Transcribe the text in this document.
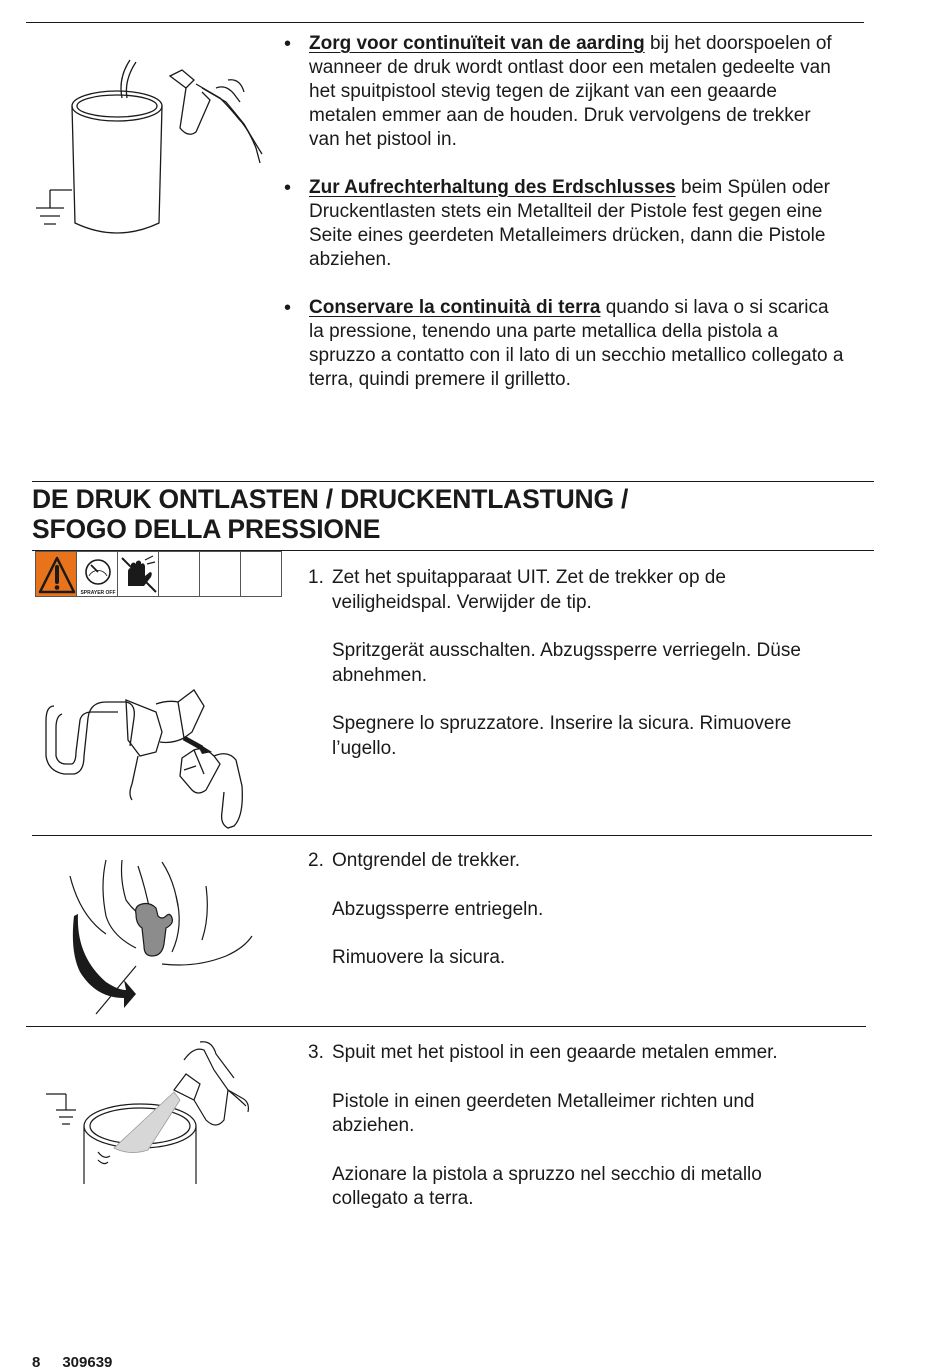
• Zorg voor continuïteit van de aarding bij het doorspoelen of wanneer de druk wordt ontlast door een metalen gedeelte van het spuitpistool stevig tegen de zijkant van een geaarde metalen emmer aan de houden. Druk vervolgens de trekker van het pistool in.
• Zur Aufrechterhaltung des Erdschlusses beim Spülen oder Druckentlasten stets ein Metallteil der Pistole fest gegen eine Seite eines geerdeten Metalleimers drücken, dann die Pistole abziehen.
• Conservare la continuità di terra quando si lava o si scarica la pressione, tenendo una parte metallica della pistola a spruzzo a contatto con il lato di un secchio metallico collegato a terra, quindi premere il grilletto.
DE DRUK ONTLASTEN / DRUCKENTLASTUNG /
SFOGO DELLA PRESSIONE
SPRAYER OFF

1. Zet het spuitapparaat UIT. Zet de trekker op de veiligheidspal. Verwijder de tip.

Spritzgerät ausschalten. Abzugssperre verriegeln. Düse abnehmen.

Spegnere lo spruzzatore. Inserire la sicura. Rimuovere l’ugello.

2. Ontgrendel de trekker.

Abzugssperre entriegeln.

Rimuovere la sicura.

3. Spuit met het pistool in een geaarde metalen emmer.

Pistole in einen geerdeten Metalleimer richten und abziehen.

Azionare la pistola a spruzzo nel secchio di metallo collegato a terra.

8 309639
